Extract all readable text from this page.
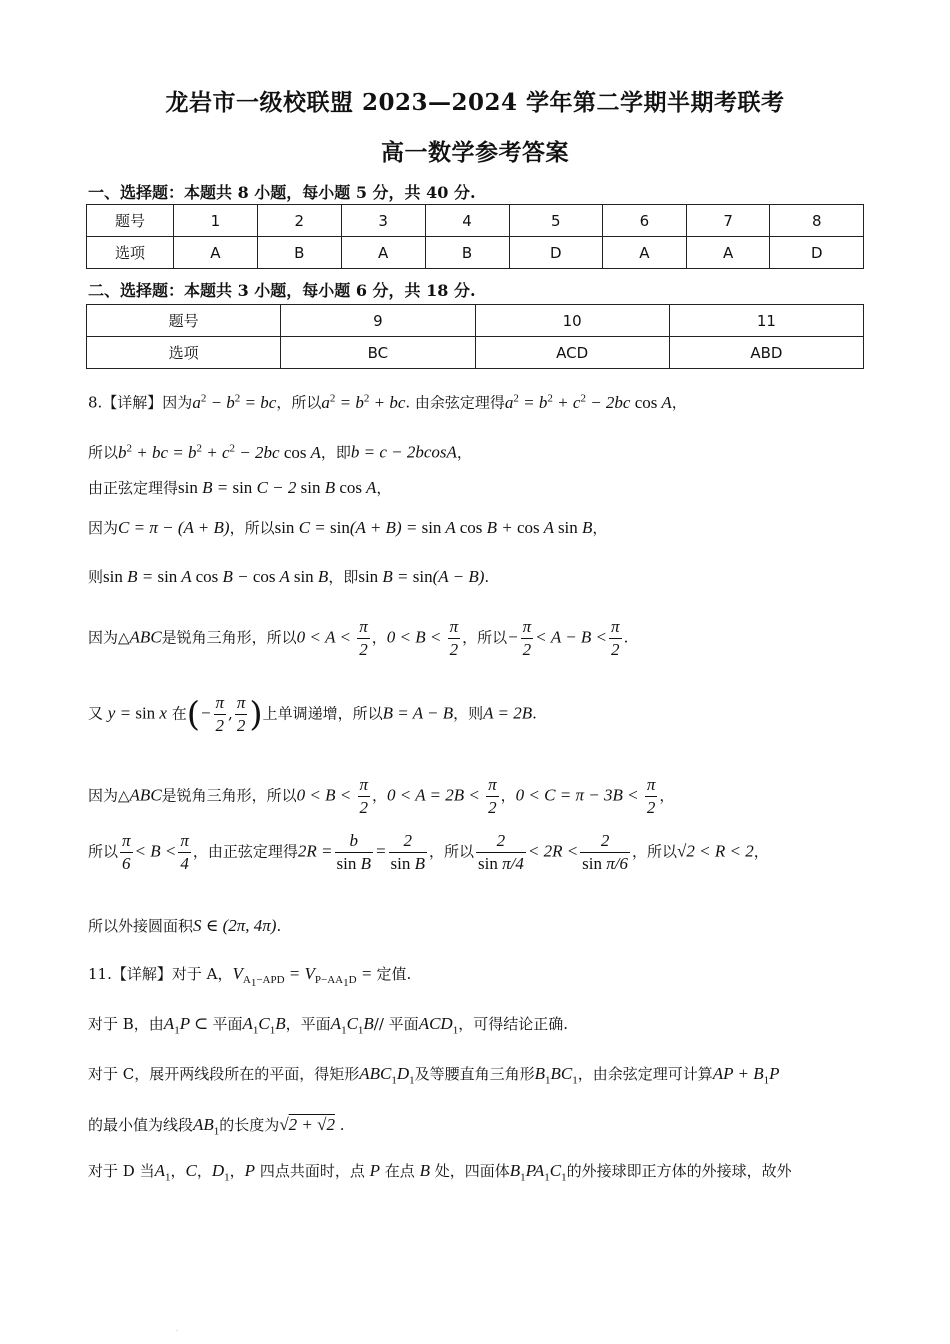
龙岩市一级校联盟 2023—2024 学年第二学期半期考联考
高一数学参考答案
一、选择题：本题共 8 小题，每小题 5 分，共 40 分.
题号	1	2	3	4	5	6	7	8
选项	A	B	A	B	D	A	A	D
二、选择题：本题共 3 小题，每小题 6 分，共 18 分.
题号	9	10	11
选项	BC	ACD	ABD
8.【详解】因为$a^2 - b^2$ = bc，所以$a^2 = b^2$ + bc. 由余弦定理得$a^2 = b^2 + c^2 - 2bc$ cos A，
所以$b^2$ + bc = $b^2 + c^2 - 2bc$ cos A，即b = c − 2bcosA，
由正弦定理得sin B = sin C − 2 sin B cos A，
因为C = π − (A + B)，所以sin C = sin(A + B) = sin A cos B + cos A sin B，
则sin B = sin A cos B − cos A sin B，即sin B = sin(A − B).
因为△ABC是锐角三角形，所以$0 < A < \frac{\pi}{2}$ ，$0 < B < \frac{\pi}{2}$ ，所以− $\frac{\pi}{2} < A - B < \frac{\pi}{2}$ .
又 y = sin x 在(− $\frac{\pi}{2}$ , $\frac{\pi}{2}$ )上单调递增，所以B = A − B，则A = 2B.
因为△ABC是锐角三角形，所以$0 < B < \frac{\pi}{2}$ ，$0 < A = 2B < \frac{\pi}{2}$ ，$0 < C = \pi - 3B < \frac{\pi}{2}$ ，
所以 $\frac{\pi}{6} < B < \frac{\pi}{4}$ ，由正弦定理得$2R = \frac{b}{\text{sin B}} = \frac{2}{\text{sin B}}$ ，所以 $\frac{2}{\text{sin π/4}} < 2R < \frac{2}{\text{sin π/6}}$ ，所以√2 < R < 2，
所以外接圆面积S ∈ (2π, 4π).
11.【详解】对于 A，$V_{A_1-APD} = V_{P-AA_1D}$ = 定值.
对于 B，由$A_1P$ ⊂ 平面$A_1C_1B$，平面$A_1C_1B//$ 平面$ACD_1$，可得结论正确.
对于 C，展开两线段所在的平面，得矩形$ABC_1D_1$及等腰直角三角形$B_1BC_1$，由余弦定理可计算AP + $B_1P$
的最小值为线段$AB_1$的长度为√2 + √2 .
对于 D 当$A_1$，C，$D_1$，P 四点共面时，点 P 在点 B 处，四面体$B_1PA_1C_1$的外接球即正方体的外接球，故外
.
